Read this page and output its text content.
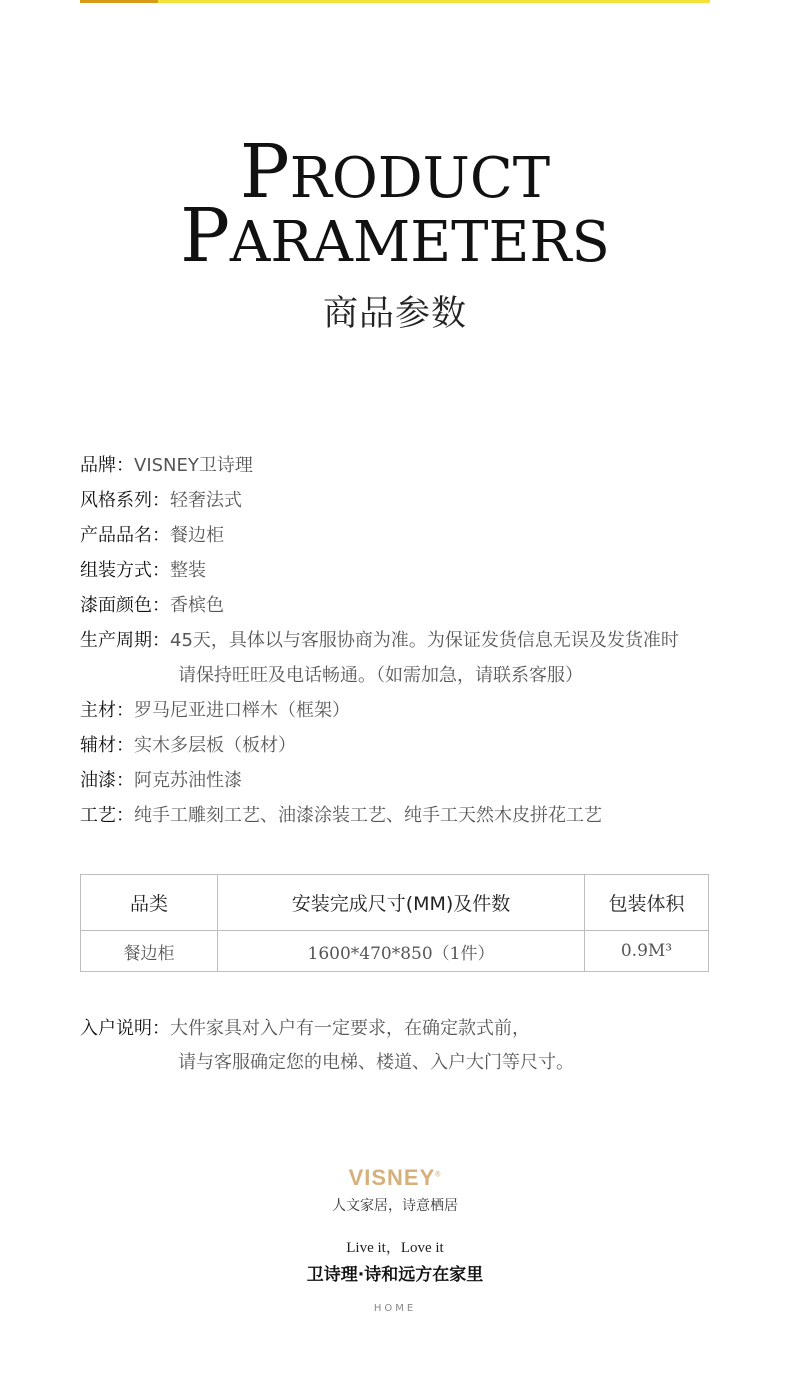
PRODUCT
PARAMETERS
商品参数
品牌： VISNEY卫诗理
风格系列： 轻奢法式
产品品名： 餐边柜
组装方式： 整装
漆面颜色： 香槟色
生产周期： 45天，具体以与客服协商为准。为保证发货信息无误及发货准时
请保持旺旺及电话畅通。（如需加急，请联系客服）
主材： 罗马尼亚进口榉木（框架）
辅材： 实木多层板（板材）
油漆： 阿克苏油性漆
工艺： 纯手工雕刻工艺、油漆涂装工艺、纯手工天然木皮拼花工艺
品类	安装完成尺寸(MM)及件数	包装体积
餐边柜	1600*470*850（1件）	0.9M³
入户说明：大件家具对入户有一定要求，在确定款式前，
请与客服确定您的电梯、楼道、入户大门等尺寸。
VISNEY®
人文家居，诗意栖居
Live it，Love it
卫诗理·诗和远方在家里
HOME
